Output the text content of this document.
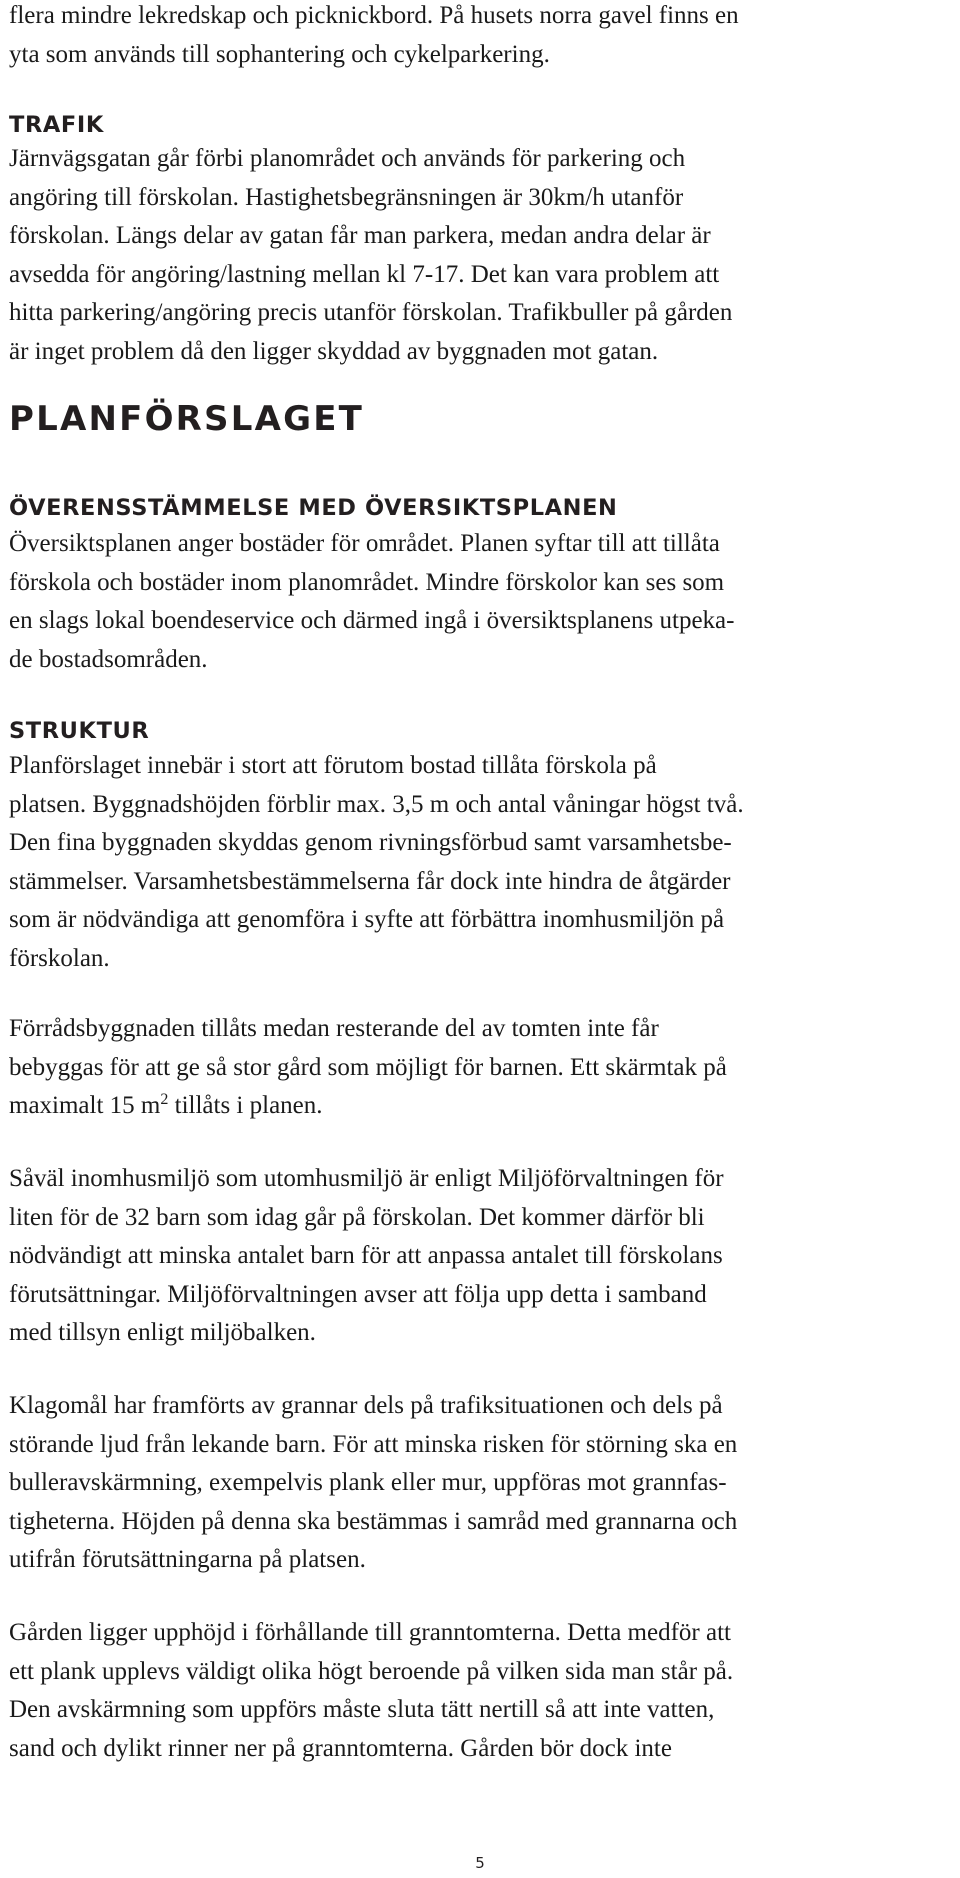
flera mindre lekredskap och picknickbord. På husets norra gavel finns en
yta som används till sophantering och cykelparkering.

TRAFIK

Järnvägsgatan går förbi planområdet och används för parkering och
angöring till förskolan. Hastighetsbegränsningen är 30km/h utanför
förskolan. Längs delar av gatan får man parkera, medan andra delar är
avsedda för angöring/lastning mellan kl 7-17. Det kan vara problem att
hitta parkering/angöring precis utanför förskolan. Trafikbuller på gården
är inget problem då den ligger skyddad av byggnaden mot gatan.

PLANFÖRSLAGET
ÖVERENSSTÄMMELSE MED ÖVERSIKTSPLANEN

Översiktsplanen anger bostäder för området. Planen syftar till att tillåta
förskola och bostäder inom planområdet. Mindre förskolor kan ses som
en slags lokal boendeservice och därmed ingå i översiktsplanens utpeka-
de bostadsområden.

STRUKTUR

Planförslaget innebär i stort att förutom bostad tillåta förskola på
platsen. Byggnadshöjden förblir max. 3,5 m och antal våningar högst två.
Den fina byggnaden skyddas genom rivningsförbud samt varsamhetsbe-
stämmelser. Varsamhetsbestämmelserna får dock inte hindra de åtgärder
som är nödvändiga att genomföra i syfte att förbättra inomhusmiljön på
förskolan.

Förrådsbyggnaden tillåts medan resterande del av tomten inte får
bebyggas för att ge så stor gård som möjligt för barnen. Ett skärmtak på
maximalt 15 $m^2$ tillåts i planen.

Såväl inomhusmiljö som utomhusmiljö är enligt Miljöförvaltningen för
liten för de 32 barn som idag går på förskolan. Det kommer därför bli
nödvändigt att minska antalet barn för att anpassa antalet till förskolans
förutsättningar. Miljöförvaltningen avser att följa upp detta i samband
med tillsyn enligt miljöbalken.

Klagomål har framförts av grannar dels på trafiksituationen och dels på
störande ljud från lekande barn. För att minska risken för störning ska en
bulleravskärmning, exempelvis plank eller mur, uppföras mot grannfas-
tigheterna. Höjden på denna ska bestämmas i samråd med grannarna och
utifrån förutsättningarna på platsen.

Gården ligger upphöjd i förhållande till granntomterna. Detta medför att
ett plank upplevs väldigt olika högt beroende på vilken sida man står på.
Den avskärmning som uppförs måste sluta tätt nertill så att inte vatten,
sand och dylikt rinner ner på granntomterna. Gården bör dock inte

5
